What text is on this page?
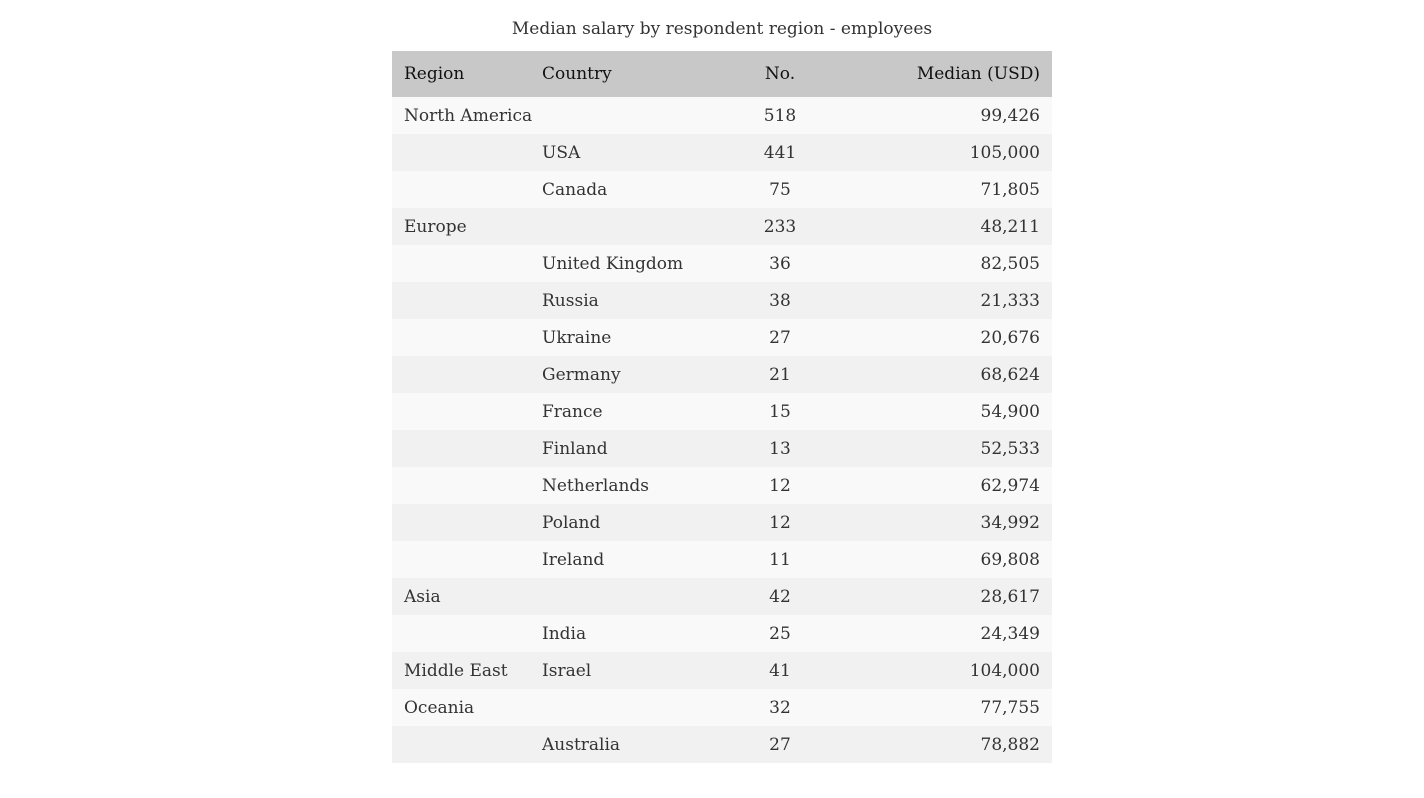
Median salary by respondent region - employees
Region	Country	No.	Median (USD)
North America		518	99,426
	USA	441	105,000
	Canada	75	71,805
Europe		233	48,211
	United Kingdom	36	82,505
	Russia	38	21,333
	Ukraine	27	20,676
	Germany	21	68,624
	France	15	54,900
	Finland	13	52,533
	Netherlands	12	62,974
	Poland	12	34,992
	Ireland	11	69,808
Asia		42	28,617
	India	25	24,349
Middle East	Israel	41	104,000
Oceania		32	77,755
	Australia	27	78,882
